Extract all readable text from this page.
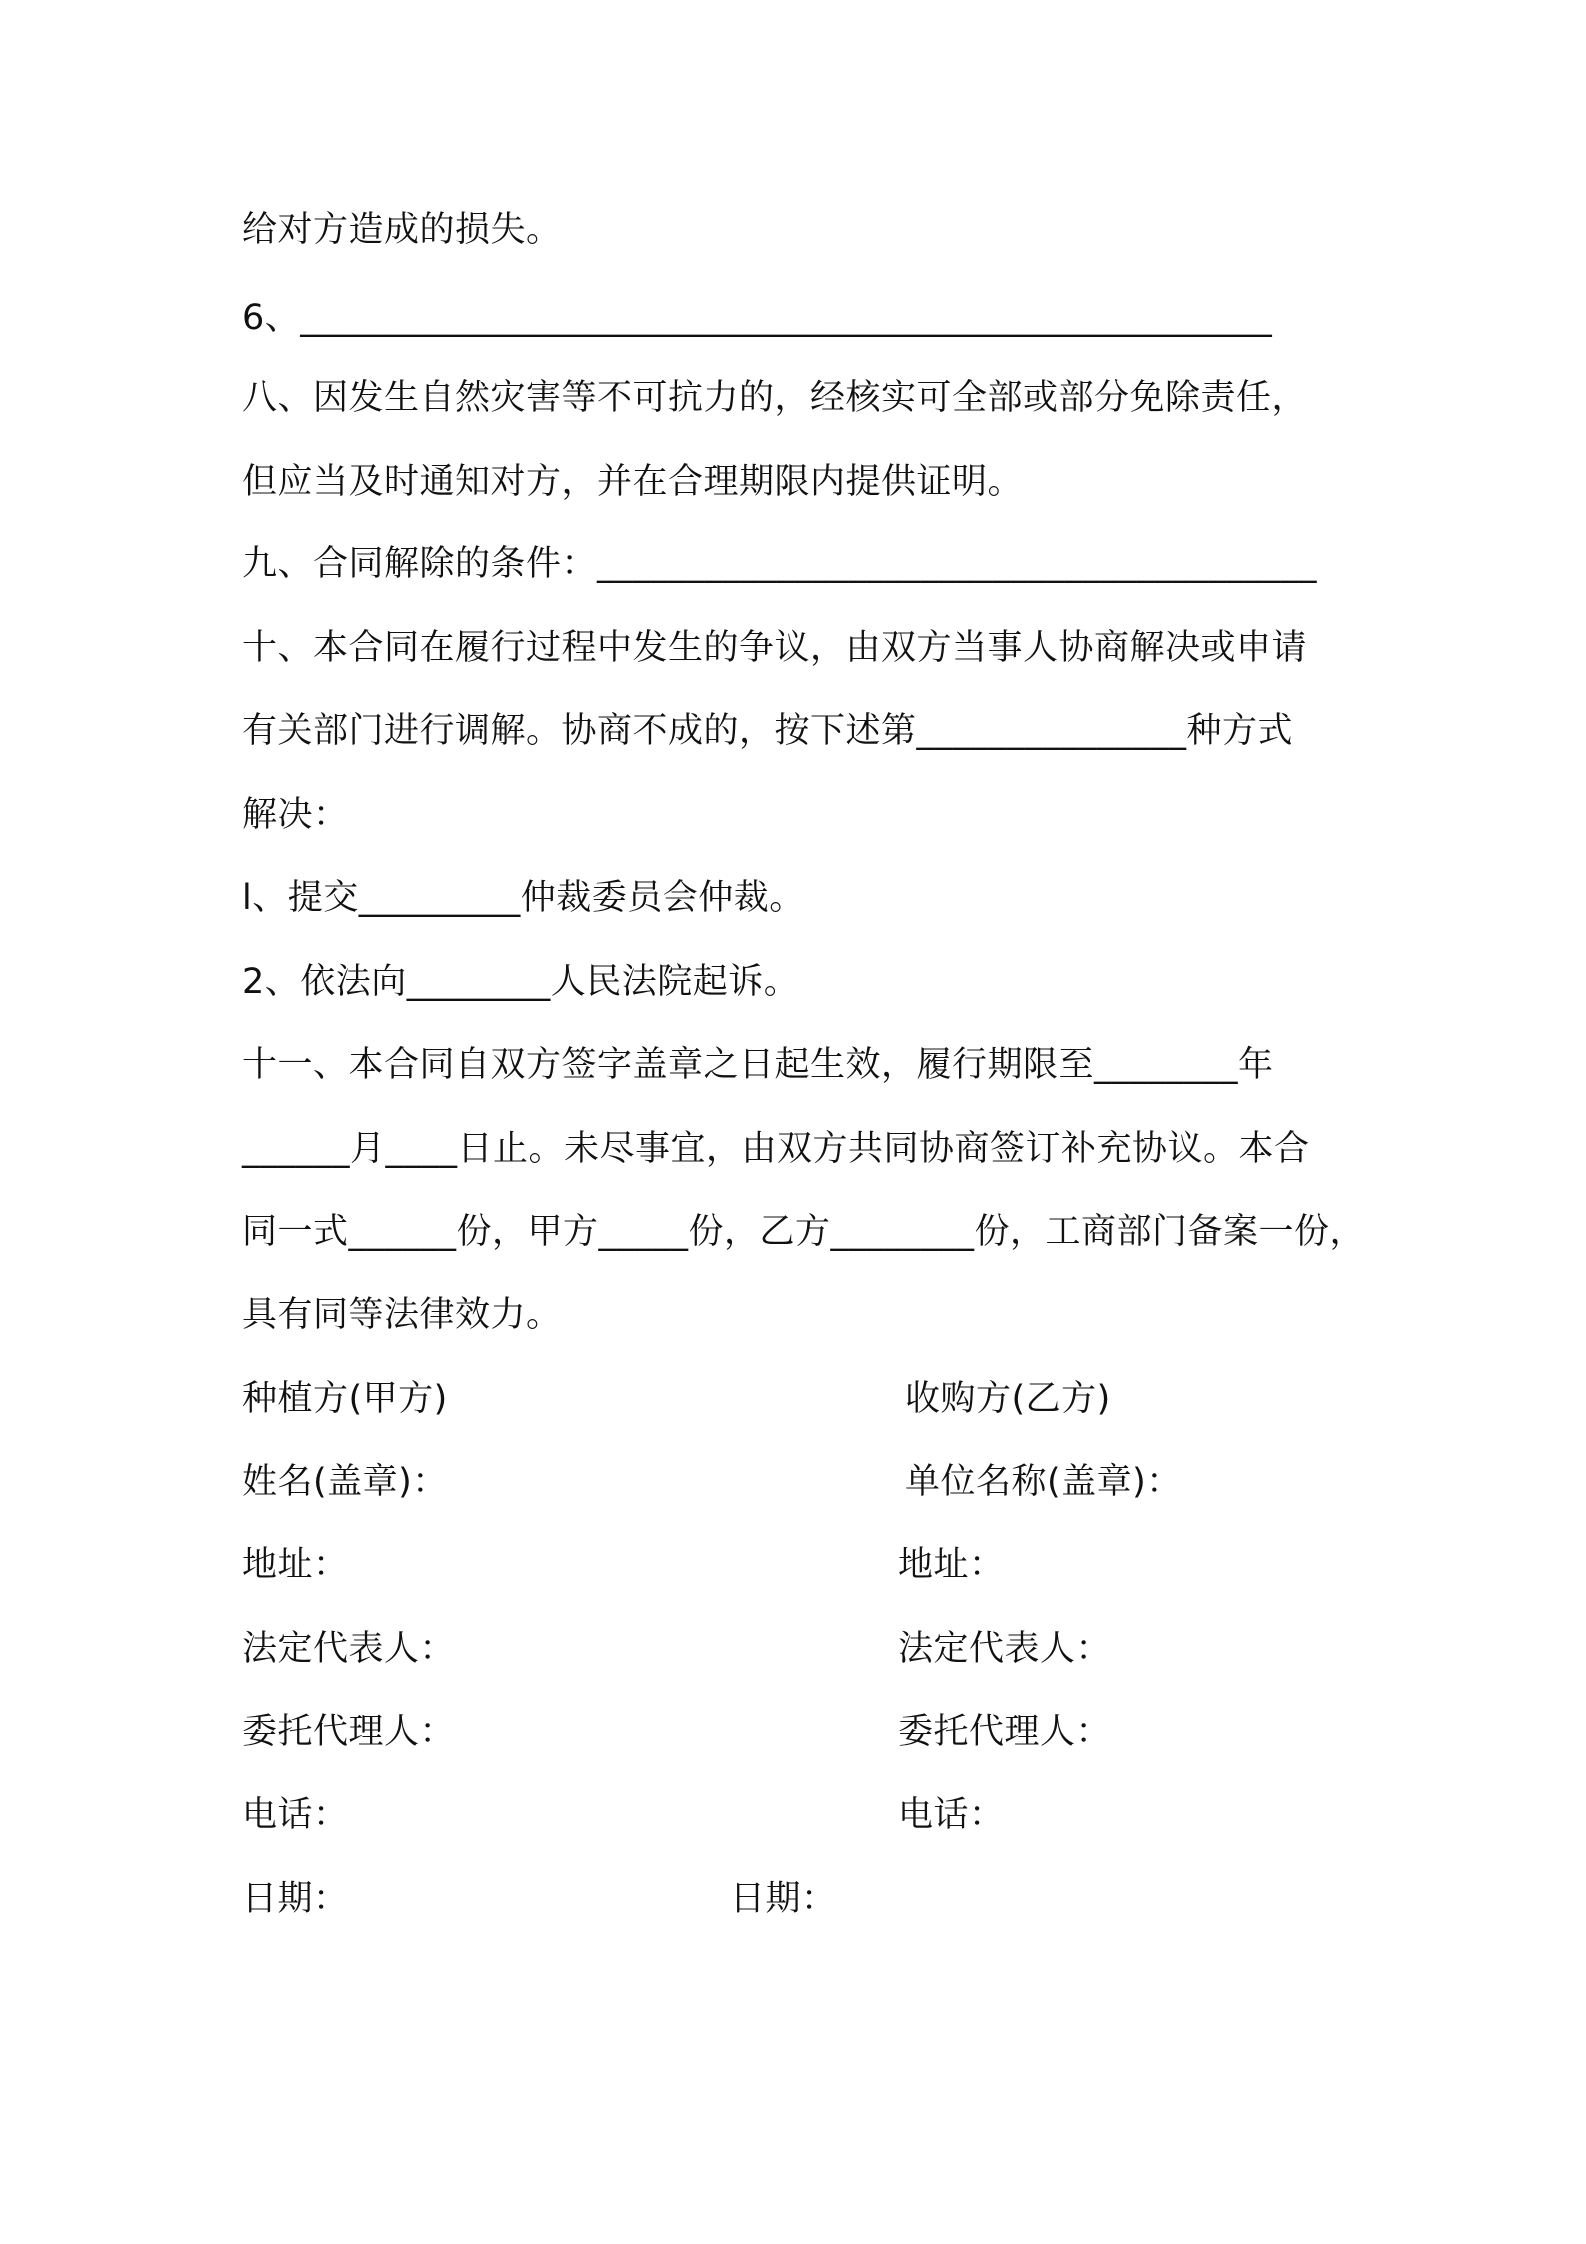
给对方造成的损失。
6、______________________________________________________
八、因发生自然灾害等不可抗力的，经核实可全部或部分免除责任，
但应当及时通知对方，并在合理期限内提供证明。
九、合同解除的条件：________________________________________
十、本合同在履行过程中发生的争议，由双方当事人协商解决或申请
有关部门进行调解。协商不成的，按下述第_______________种方式
解决：
l、提交_________仲裁委员会仲裁。
2、依法向________人民法院起诉。
十一、本合同自双方签字盖章之日起生效，履行期限至________年
______月____日止。未尽事宜，由双方共同协商签订补充协议。本合
同一式______份，甲方_____份，乙方________份，工商部门备案一份，
具有同等法律效力。
种植方(甲方)	收购方(乙方)
姓名(盖章)：	单位名称(盖章)：
地址：	地址：
法定代表人：	法定代表人：
委托代理人：	委托代理人：
电话：	电话：
日期：	日期：
